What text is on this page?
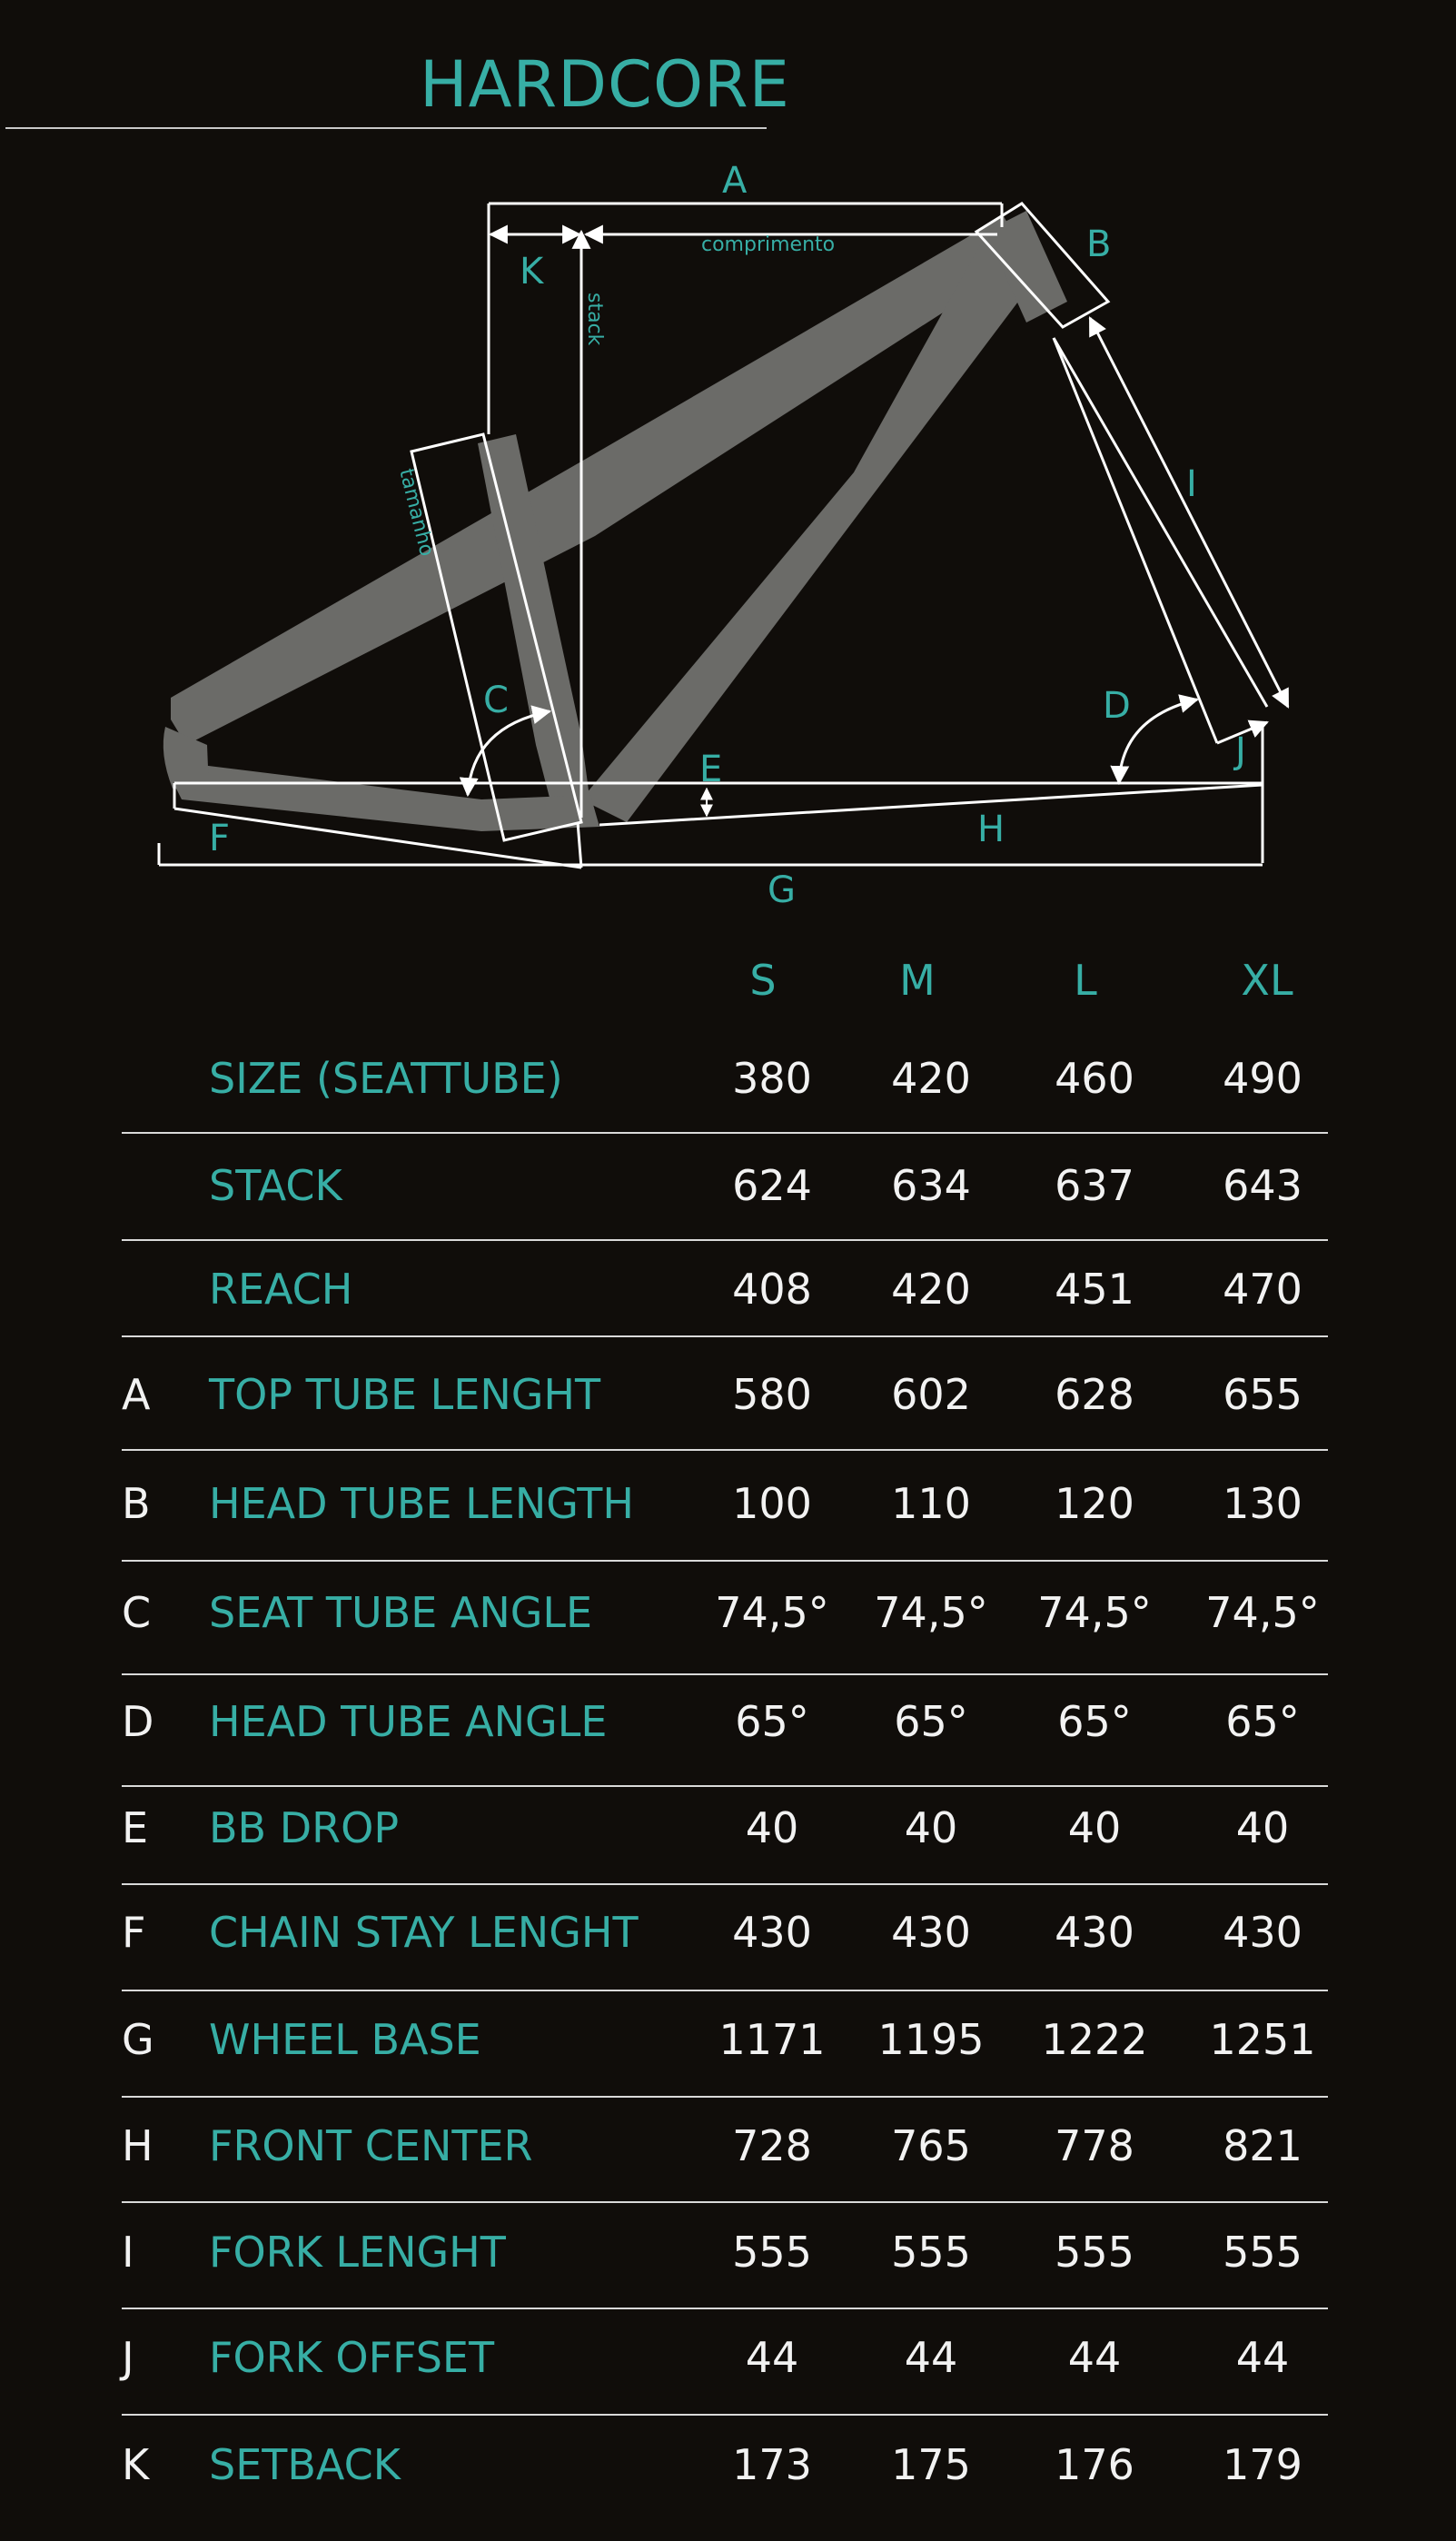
HARDCORE
A
B
K
I
C	D
J
E
H
F
G
comprimento
stack
tamanho
S	M	L	XL
SIZE (SEATTUBE)	380 420 460 490
STACK	624 634 637 643
REACH	408 420 451 470
A TOP TUBE LENGHT	580 602 628 655
B HEAD TUBE LENGTH 100 110 120 130
C SEAT TUBE ANGLE	74,5° 74,5° 74,5° 74,5°
D HEAD TUBE ANGLE	65° 65° 65° 65°
E BB DROP	40	40	40	40
F CHAIN STAY LENGHT 430 430 430 430
G WHEEL BASE	1171 1195 1222 1251
H FRONT CENTER	728 765 778 821
I FORK LENGHT	555 555 555 555
J FORK OFFSET	44	44	44	44
K SETBACK	173 175 176 179
